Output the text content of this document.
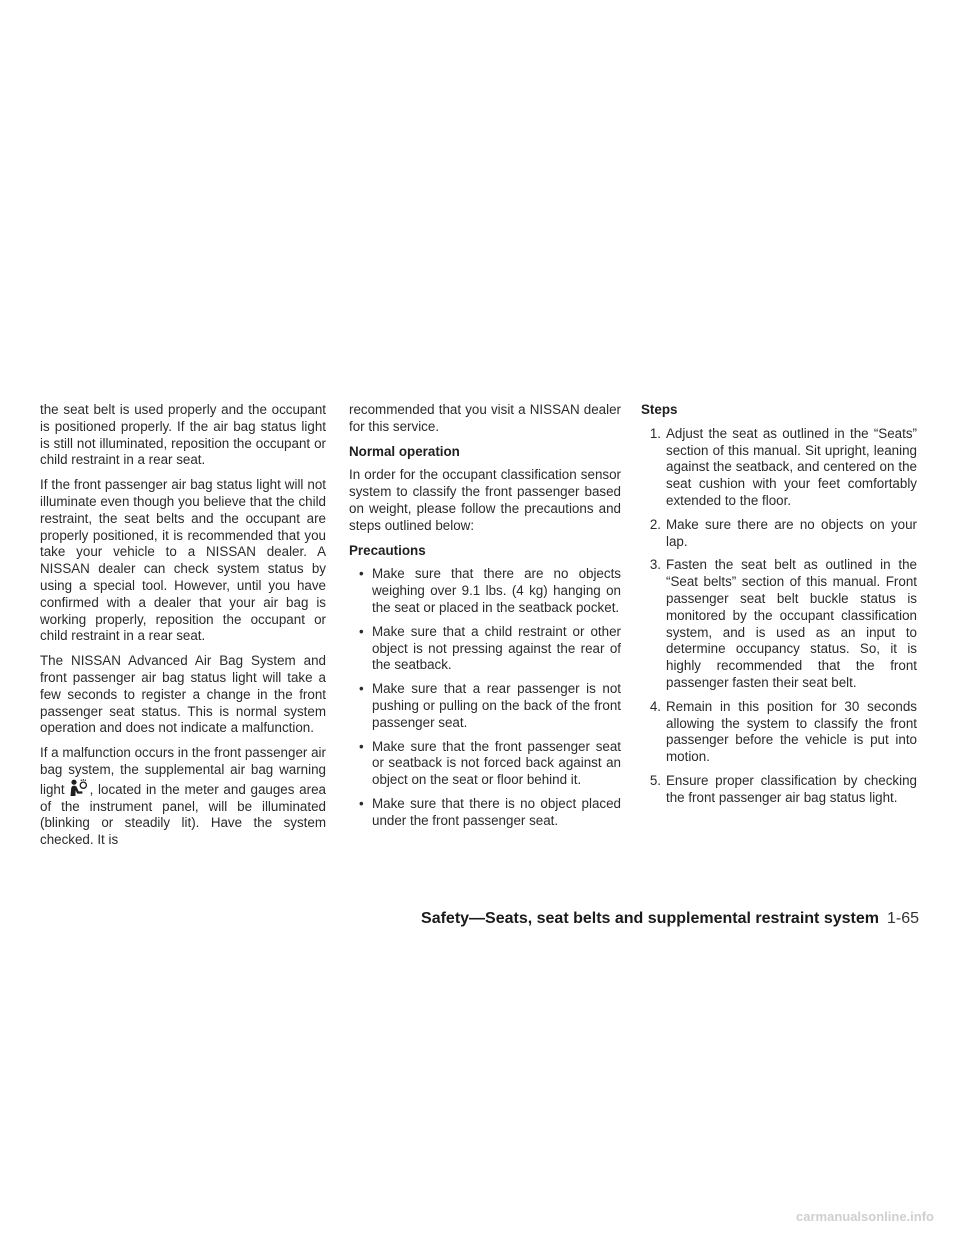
the seat belt is used properly and the occupant is positioned properly. If the air bag status light is still not illuminated, reposition the occupant or child restraint in a rear seat.

If the front passenger air bag status light will not illuminate even though you believe that the child restraint, the seat belts and the occupant are properly positioned, it is recommended that you take your vehicle to a NISSAN dealer. A NISSAN dealer can check system status by using a special tool. However, until you have confirmed with a dealer that your air bag is working properly, reposition the occupant or child restraint in a rear seat.

The NISSAN Advanced Air Bag System and front passenger air bag status light will take a few seconds to register a change in the front passenger seat status. This is normal system operation and does not indicate a malfunction.

If a malfunction occurs in the front passenger air bag system, the supplemental air bag warning light , located in the meter and gauges area of the instrument panel, will be illuminated (blinking or steadily lit). Have the system checked. It is

recommended that you visit a NISSAN dealer for this service.

Normal operation

In order for the occupant classification sensor system to classify the front passenger based on weight, please follow the precautions and steps outlined below:

Precautions
• Make sure that there are no objects weighing over 9.1 lbs. (4 kg) hanging on the seat or placed in the seatback pocket.
• Make sure that a child restraint or other object is not pressing against the rear of the seatback.
• Make sure that a rear passenger is not pushing or pulling on the back of the front passenger seat.
• Make sure that the front passenger seat or seatback is not forced back against an object on the seat or floor behind it.
• Make sure that there is no object placed under the front passenger seat.
Steps
1. Adjust the seat as outlined in the “Seats” section of this manual. Sit upright, leaning against the seatback, and centered on the seat cushion with your feet comfortably extended to the floor.
2. Make sure there are no objects on your lap.
3. Fasten the seat belt as outlined in the “Seat belts” section of this manual. Front passenger seat belt buckle status is monitored by the occupant classification system, and is used as an input to determine occupancy status. So, it is highly recommended that the front passenger fasten their seat belt.
4. Remain in this position for 30 seconds allowing the system to classify the front passenger before the vehicle is put into motion.
5. Ensure proper classification by checking the front passenger air bag status light.
Safety—Seats, seat belts and supplemental restraint system 1-65
carmanualsonline.info
